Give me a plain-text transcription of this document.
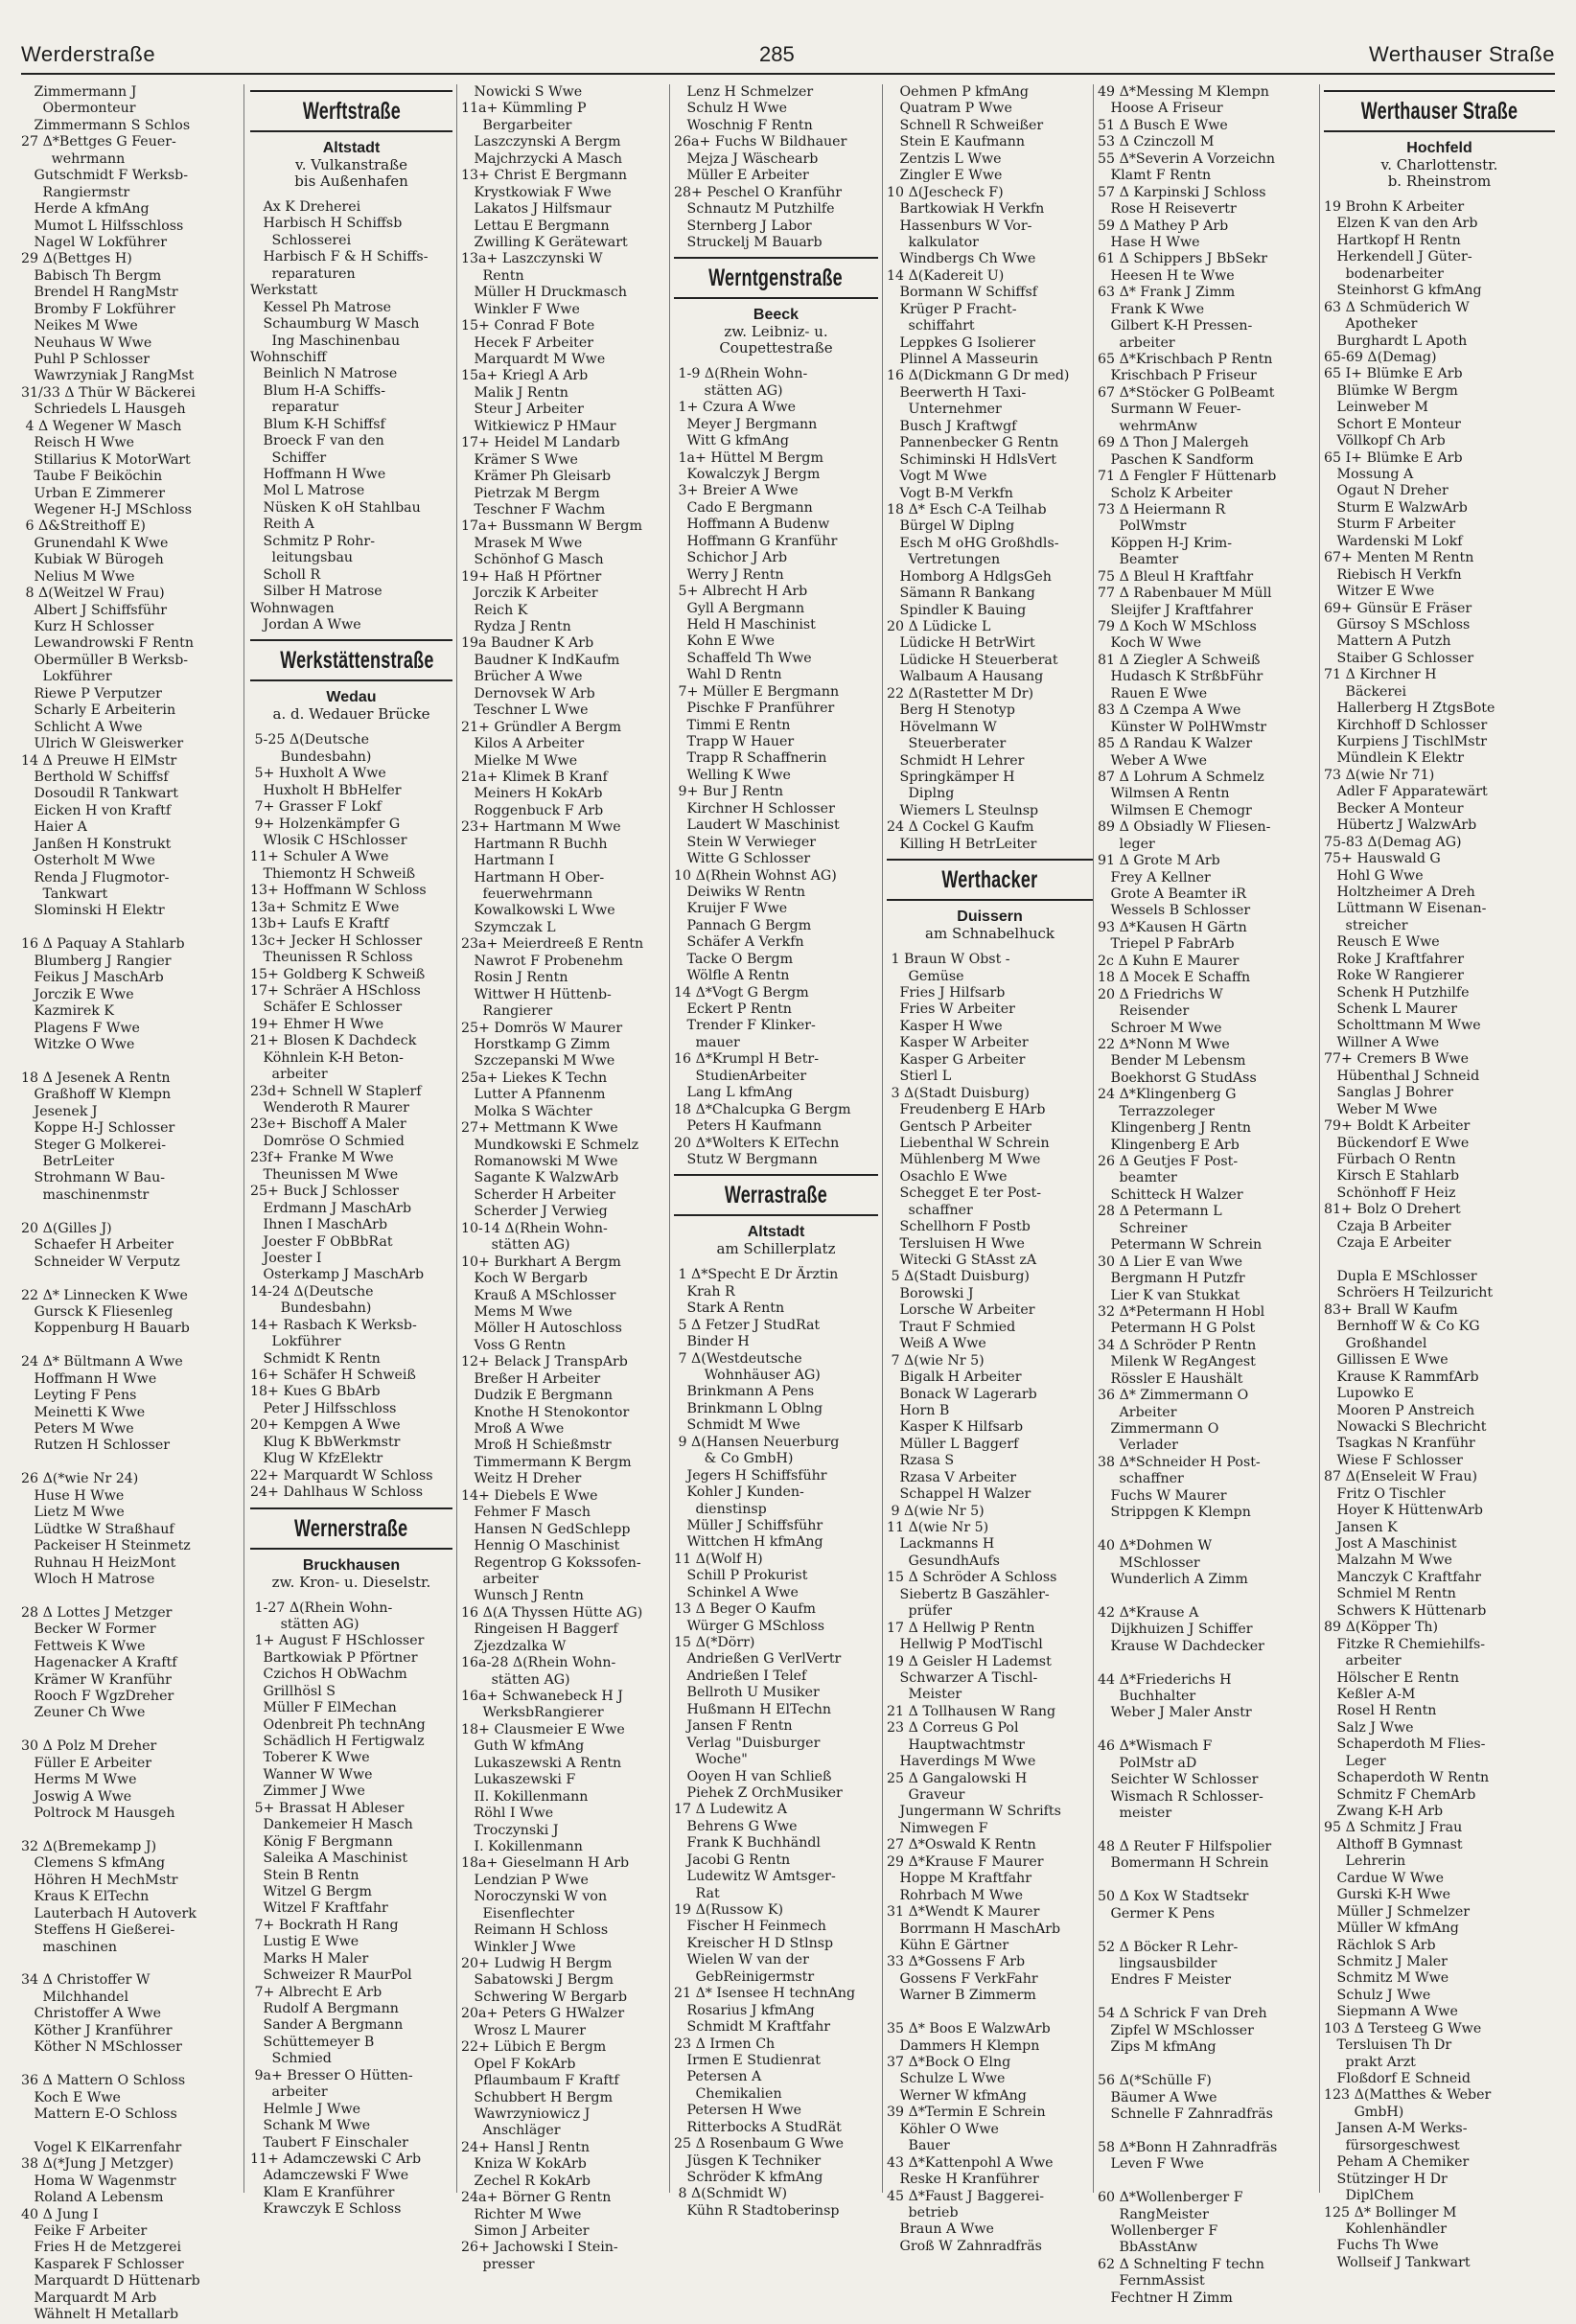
Werderstraße	285	Werthauser Straße
Zimmermann J
Obermonteur
Zimmermann S Schlos
27 Δ*Bettges G Feuer-
wehrmann
Gutschmidt F Werksb-
Rangiermstr
Herde A kfmAng
Mumot L Hilfsschloss
Nagel W Lokführer
29 Δ(Bettges H)
Babisch Th Bergm
Brendel H RangMstr
Bromby F Lokführer
Neikes M Wwe
Neuhaus W Wwe
Puhl P Schlosser
Wawrzyniak J RangMst
31/33 Δ Thür W Bäckerei
Schriedels L Hausgeh
4 Δ Wegener W Masch
Reisch H Wwe
Stillarius K MotorWart
Taube F Beiköchin
Urban E Zimmerer
Wegener H-J MSchloss
6 Δ&Streithoff E)
Grunendahl K Wwe
Kubiak W Bürogeh
Nelius M Wwe
8 Δ(Weitzel W Frau)
Albert J Schiffsführ
Kurz H Schlosser
Lewandrowski F Rentn
Obermüller B Werksb-
Lokführer
Riewe P Verputzer
Scharly E Arbeiterin
Schlicht A Wwe
Ulrich W Gleiswerker
14 Δ Preuwe H ElMstr
Berthold W Schiffsf
Dosoudil R Tankwart
Eicken H von Kraftf
Haier A
Janßen H Konstrukt
Osterholt M Wwe
Renda J Flugmotor-
Tankwart
Slominski H Elektr
16 Δ Paquay A Stahlarb
Blumberg J Rangier
Feikus J MaschArb
Jorczik E Wwe
Kazmirek K
Plagens F Wwe
Witzke O Wwe
18 Δ Jesenek A Rentn
Graßhoff W Klempn
Jesenek J
Koppe H-J Schlosser
Steger G Molkerei-
BetrLeiter
Strohmann W Bau-
maschinenmstr
20 Δ(Gilles J)
Schaefer H Arbeiter
Schneider W Verputz
22 Δ* Linnecken K Wwe
Gursck K Fliesenleg
Koppenburg H Bauarb
24 Δ* Bültmann A Wwe
Hoffmann H Wwe
Leyting F Pens
Meinetti K Wwe
Peters M Wwe
Rutzen H Schlosser
26 Δ(*wie Nr 24)
Huse H Wwe
Lietz M Wwe
Lüdtke W Straßhauf
Packeiser H Steinmetz
Ruhnau H HeizMont
Wloch H Matrose
28 Δ Lottes J Metzger
Becker W Former
Fettweis K Wwe
Hagenacker A Kraftf
Krämer W Kranführ
Rooch F WgzDreher
Zeuner Ch Wwe
30 Δ Polz M Dreher
Füller E Arbeiter
Herms M Wwe
Joswig A Wwe
Poltrock M Hausgeh
32 Δ(Bremekamp J)
Clemens S kfmAng
Höhren H MechMstr
Kraus K ElTechn
Lauterbach H Autoverk
Steffens H Gießerei-
maschinen
34 Δ Christoffer W
Milchhandel
Christoffer A Wwe
Köther J Kranführer
Köther N MSchlosser
36 Δ Mattern O Schloss
Koch E Wwe
Mattern E-O Schloss
Vogel K ElKarrenfahr
38 Δ(*Jung J Metzger)
Homa W Wagenmstr
Roland A Lebensm
40 Δ Jung I
Feike F Arbeiter
Fries H de Metzgerei
Kasparek F Schlosser
Marquardt D Hüttenarb
Marquardt M Arb
Wähnelt H Metallarb
Werftstraße
Altstadt
v. Vulkanstraße
bis Außenhafen
Ax K Dreherei
Harbisch H Schiffsb
Schlosserei
Harbisch F & H Schiffs-
reparaturen
Werkstatt
Kessel Ph Matrose
Schaumburg W Masch
Ing Maschinenbau
Wohnschiff
Beinlich N Matrose
Blum H-A Schiffs-
reparatur
Blum K-H Schiffsf
Broeck F van den
Schiffer
Hoffmann H Wwe
Mol L Matrose
Nüsken K oH Stahlbau
Reith A
Schmitz P Rohr-
leitungsbau
Scholl R
Silber H Matrose
Wohnwagen
Jordan A Wwe
Werkstättenstraße
Wedau
a. d. Wedauer Brücke
5-25 Δ(Deutsche
Bundesbahn)
5+ Huxholt A Wwe
Huxholt H BbHelfer
7+ Grasser F Lokf
9+ Holzenkämpfer G
Wlosik C HSchlosser
11+ Schuler A Wwe
Thiemontz H Schweiß
13+ Hoffmann W Schloss
13a+ Schmitz E Wwe
13b+ Laufs E Kraftf
13c+ Jecker H Schlosser
Theunissen R Schloss
15+ Goldberg K Schweiß
17+ Schräer A HSchloss
Schäfer E Schlosser
19+ Ehmer H Wwe
21+ Blosen K Dachdeck
Köhnlein K-H Beton-
arbeiter
23d+ Schnell W Staplerf
Wenderoth R Maurer
23e+ Bischoff A Maler
Domröse O Schmied
23f+ Franke M Wwe
Theunissen M Wwe
25+ Buck J Schlosser
Erdmann J MaschArb
Ihnen I MaschArb
Joester F ObBbRat
Joester I
Osterkamp J MaschArb
14-24 Δ(Deutsche
Bundesbahn)
14+ Rasbach K Werksb-
Lokführer
Schmidt K Rentn
16+ Schäfer H Schweiß
18+ Kues G BbArb
Peter J Hilfsschloss
20+ Kempgen A Wwe
Klug K BbWerkmstr
Klug W KfzElektr
22+ Marquardt W Schloss
24+ Dahlhaus W Schloss
Wernerstraße
Bruckhausen
zw. Kron- u. Dieselstr.
1-27 Δ(Rhein Wohn-
stätten AG)
1+ August F HSchlosser
Bartkowiak P Pförtner
Czichos H ObWachm
Grillhösl S
Müller F ElMechan
Odenbreit Ph technAng
Schädlich H Fertigwalz
Toberer K Wwe
Wanner W Wwe
Zimmer J Wwe
5+ Brassat H Ableser
Dankemeier H Masch
König F Bergmann
Saleika A Maschinist
Stein B Rentn
Witzel G Bergm
Witzel F Kraftfahr
7+ Bockrath H Rang
Lustig E Wwe
Marks H Maler
Schweizer R MaurPol
7+ Albrecht E Arb
Rudolf A Bergmann
Sander A Bergmann
Schüttemeyer B
Schmied
9a+ Bresser O Hütten-
arbeiter
Helmle J Wwe
Schank M Wwe
Taubert F Einschaler
11+ Adamczewski C Arb
Adamczewski F Wwe
Klam E Kranführer
Krawczyk E Schloss
Nowicki S Wwe
11a+ Kümmling P
Bergarbeiter
Laszczynski A Bergm
Majchrzycki A Masch
13+ Christ E Bergmann
Krystkowiak F Wwe
Lakatos J Hilfsmaur
Lettau E Bergmann
Zwilling K Gerätewart
13a+ Laszczynski W
Rentn
Müller H Druckmasch
Winkler F Wwe
15+ Conrad F Bote
Hecek F Arbeiter
Marquardt M Wwe
15a+ Kriegl A Arb
Malik J Rentn
Steur J Arbeiter
Witkiewicz P HMaur
17+ Heidel M Landarb
Krämer S Wwe
Krämer Ph Gleisarb
Pietrzak M Bergm
Teschner F Wachm
17a+ Bussmann W Bergm
Mrasek M Wwe
Schönhof G Masch
19+ Haß H Pförtner
Jorczik K Arbeiter
Reich K
Rydza J Rentn
19a Baudner K Arb
Baudner K IndKaufm
Brücher A Wwe
Dernovsek W Arb
Teschner L Wwe
21+ Gründler A Bergm
Kilos A Arbeiter
Mielke M Wwe
21a+ Klimek B Kranf
Meiners H KokArb
Roggenbuck F Arb
23+ Hartmann M Wwe
Hartmann R Buchh
Hartmann I
Hartmann H Ober-
feuerwehrmann
Kowalkowski L Wwe
Szymczak L
23a+ Meierdreeß E Rentn
Nawrot F Probenehm
Rosin J Rentn
Wittwer H Hüttenb-
Rangierer
25+ Domrös W Maurer
Horstkamp G Zimm
Szczepanski M Wwe
25a+ Liekes K Techn
Lutter A Pfannenm
Molka S Wächter
27+ Mettmann K Wwe
Mundkowski E Schmelz
Romanowski M Wwe
Sagante K WalzwArb
Scherder H Arbeiter
Scherder J Verwieg
10-14 Δ(Rhein Wohn-
stätten AG)
10+ Burkhart A Bergm
Koch W Bergarb
Krauß A MSchlosser
Mems M Wwe
Möller H Autoschloss
Voss G Rentn
12+ Belack J TranspArb
Breßer H Arbeiter
Dudzik E Bergmann
Knothe H Stenokontor
Mroß A Wwe
Mroß H Schießmstr
Timmermann K Bergm
Weitz H Dreher
14+ Diebels E Wwe
Fehmer F Masch
Hansen N GedSchlepp
Hennig O Maschinist
Regentrop G Kokssofen-
arbeiter
Wunsch J Rentn
16 Δ(A Thyssen Hütte AG)
Ringeisen H Baggerf
Zjezdzalka W
16a-28 Δ(Rhein Wohn-
stätten AG)
16a+ Schwanebeck H J
WerksbRangierer
18+ Clausmeier E Wwe
Guth W kfmAng
Lukaszewski A Rentn
Lukaszewski F
II. Kokillenmann
Röhl I Wwe
Troczynski J
I. Kokillenmann
18a+ Gieselmann H Arb
Lendzian P Wwe
Noroczynski W von
Eisenflechter
Reimann H Schloss
Winkler J Wwe
20+ Ludwig H Bergm
Sabatowski J Bergm
Schwering W Bergarb
20a+ Peters G HWalzer
Wrosz L Maurer
22+ Lübich E Bergm
Opel F KokArb
Pflaumbaum F Kraftf
Schubbert H Bergm
Wawrzyniowicz J
Anschläger
24+ Hansl J Rentn
Kniza W KokArb
Zechel R KokArb
24a+ Börner G Rentn
Richter M Wwe
Simon J Arbeiter
26+ Jachowski I Stein-
presser
Lenz H Schmelzer
Schulz H Wwe
Woschnig F Rentn
26a+ Fuchs W Bildhauer
Mejza J Wäschearb
Müller E Arbeiter
28+ Peschel O Kranführ
Schnautz M Putzhilfe
Sternberg J Labor
Struckelj M Bauarb
Werntgenstraße
Beeck
zw. Leibniz- u.
Coupettestraße
1-9 Δ(Rhein Wohn-
stätten AG)
1+ Czura A Wwe
Meyer J Bergmann
Witt G kfmAng
1a+ Hüttel M Bergm
Kowalczyk J Bergm
3+ Breier A Wwe
Cado E Bergmann
Hoffmann A Budenw
Hoffmann G Kranführ
Schichor J Arb
Werry J Rentn
5+ Albrecht H Arb
Gyll A Bergmann
Held H Maschinist
Kohn E Wwe
Schaffeld Th Wwe
Wahl D Rentn
7+ Müller E Bergmann
Pischke F Pranführer
Timmi E Rentn
Trapp W Hauer
Trapp R Schaffnerin
Welling K Wwe
9+ Bur J Rentn
Kirchner H Schlosser
Laudert W Maschinist
Stein W Verwieger
Witte G Schlosser
10 Δ(Rhein Wohnst AG)
Deiwiks W Rentn
Kruijer F Wwe
Pannach G Bergm
Schäfer A Verkfn
Tacke O Bergm
Wölfle A Rentn
14 Δ*Vogt G Bergm
Eckert P Rentn
Trender F Klinker-
mauer
16 Δ*Krumpl H Betr-
StudienArbeiter
Lang L kfmAng
18 Δ*Chalcupka G Bergm
Peters H Kaufmann
20 Δ*Wolters K ElTechn
Stutz W Bergmann
Werrastraße
Altstadt
am Schillerplatz
1 Δ*Specht E Dr Ärztin
Krah R
Stark A Rentn
5 Δ Fetzer J StudRat
Binder H
7 Δ(Westdeutsche
Wohnhäuser AG)
Brinkmann A Pens
Brinkmann L Oblng
Schmidt M Wwe
9 Δ(Hansen Neuerburg
& Co GmbH)
Jegers H Schiffsführ
Kohler J Kunden-
dienstinsp
Müller J Schiffsführ
Wittchen H kfmAng
11 Δ(Wolf H)
Schill P Prokurist
Schinkel A Wwe
13 Δ Beger O Kaufm
Würger G MSchloss
15 Δ(*Dörr)
Andrießen G VerlVertr
Andrießen I Telef
Bellroth U Musiker
Hußmann H ElTechn
Jansen F Rentn
Verlag "Duisburger
Woche"
Ooyen H van Schließ
Piehek Z OrchMusiker
17 Δ Ludewitz A
Behrens G Wwe
Frank K Buchhändl
Jacobi G Rentn
Ludewitz W Amtsger-
Rat
19 Δ(Russow K)
Fischer H Feinmech
Kreischer H D Stlnsp
Wielen W van der
GebReinigermstr
21 Δ* Isensee H technAng
Rosarius J kfmAng
Schmidt M Kraftfahr
23 Δ Irmen Ch
Irmen E Studienrat
Petersen A
Chemikalien
Petersen H Wwe
Ritterbocks A StudRät
25 Δ Rosenbaum G Wwe
Jüsgen K Techniker
Schröder K kfmAng
8 Δ(Schmidt W)
Kühn R Stadtoberinsp
Oehmen P kfmAng
Quatram P Wwe
Schnell R Schweißer
Stein E Kaufmann
Zentzis L Wwe
Zingler E Wwe
10 Δ(Jescheck F)
Bartkowiak H Verkfn
Hassenburs W Vor-
kalkulator
Windbergs Ch Wwe
14 Δ(Kadereit U)
Bormann W Schiffsf
Krüger P Fracht-
schiffahrt
Leppkes G Isolierer
Plinnel A Masseurin
16 Δ(Dickmann G Dr med)
Beerwerth H Taxi-
Unternehmer
Busch J Kraftwgf
Pannenbecker G Rentn
Schiminski H HdlsVert
Vogt M Wwe
Vogt B-M Verkfn
18 Δ* Esch C-A Teilhab
Bürgel W Diplng
Esch M oHG Großhdls-
Vertretungen
Homborg A HdlgsGeh
Sämann R Bankang
Spindler K Bauing
20 Δ Lüdicke L
Lüdicke H BetrWirt
Lüdicke H Steuerberat
Walbaum A Hausang
22 Δ(Rastetter M Dr)
Berg H Stenotyp
Hövelmann W
Steuerberater
Schmidt H Lehrer
Springkämper H
Diplng
Wiemers L Steulnsp
24 Δ Cockel G Kaufm
Killing H BetrLeiter
Werthacker
Duissern
am Schnabelhuck
1 Braun W Obst -
Gemüse
Fries J Hilfsarb
Fries W Arbeiter
Kasper H Wwe
Kasper W Arbeiter
Kasper G Arbeiter
Stierl L
3 Δ(Stadt Duisburg)
Freudenberg E HArb
Gentsch P Arbeiter
Liebenthal W Schrein
Mühlenberg M Wwe
Osachlo E Wwe
Schegget E ter Post-
schaffner
Schellhorn F Postb
Tersluisen H Wwe
Witecki G StAsst zA
5 Δ(Stadt Duisburg)
Borowski J
Lorsche W Arbeiter
Traut F Schmied
Weiß A Wwe
7 Δ(wie Nr 5)
Bigalk H Arbeiter
Bonack W Lagerarb
Horn B
Kasper K Hilfsarb
Müller L Baggerf
Rzasa S
Rzasa V Arbeiter
Schappel H Walzer
9 Δ(wie Nr 5)
11 Δ(wie Nr 5)
Lackmanns H
GesundhAufs
15 Δ Schröder A Schloss
Siebertz B Gaszähler-
prüfer
17 Δ Hellwig P Rentn
Hellwig P ModTischl
19 Δ Geisler H Lademst
Schwarzer A Tischl-
Meister
21 Δ Tollhausen W Rang
23 Δ Correus G Pol
Hauptwachtmstr
Haverdings M Wwe
25 Δ Gangalowski H
Graveur
Jungermann W Schrifts
Nimwegen F
27 Δ*Oswald K Rentn
29 Δ*Krause F Maurer
Hoppe M Kraftfahr
Rohrbach M Wwe
31 Δ*Wendt K Maurer
Borrmann H MaschArb
Kühn E Gärtner
33 Δ*Gossens F Arb
Gossens F VerkFahr
Warner B Zimmerm
35 Δ* Boos E WalzwArb
Dammers H Klempn
37 Δ*Bock O Elng
Schulze L Wwe
Werner W kfmAng
39 Δ*Termin E Schrein
Köhler O Wwe
Bauer
43 Δ*Kattenpohl A Wwe
Reske H Kranführer
45 Δ*Faust J Baggerei-
betrieb
Braun A Wwe
Groß W Zahnradfräs
49 Δ*Messing M Klempn
Hoose A Friseur
51 Δ Busch E Wwe
53 Δ Czinczoll M
55 Δ*Severin A Vorzeichn
Klamt F Rentn
57 Δ Karpinski J Schloss
Rose H Reisevertr
59 Δ Mathey P Arb
Hase H Wwe
61 Δ Schippers J BbSekr
Heesen H te Wwe
63 Δ* Frank J Zimm
Frank K Wwe
Gilbert K-H Pressen-
arbeiter
65 Δ*Krischbach P Rentn
Krischbach P Friseur
67 Δ*Stöcker G PolBeamt
Surmann W Feuer-
wehrmAnw
69 Δ Thon J Malergeh
Paschen K Sandform
71 Δ Fengler F Hüttenarb
Scholz K Arbeiter
73 Δ Heiermann R
PolWmstr
Köppen H-J Krim-
Beamter
75 Δ Bleul H Kraftfahr
77 Δ Rabenbauer M Müll
Sleijfer J Kraftfahrer
79 Δ Koch W MSchloss
Koch W Wwe
81 Δ Ziegler A Schweiß
Hudasch K StrßbFühr
Rauen E Wwe
83 Δ Czempa A Wwe
Künster W PolHWmstr
85 Δ Randau K Walzer
Weber A Wwe
87 Δ Lohrum A Schmelz
Wilmsen A Rentn
Wilmsen E Chemogr
89 Δ Obsiadly W Fliesen-
leger
91 Δ Grote M Arb
Frey A Kellner
Grote A Beamter iR
Wessels B Schlosser
93 Δ*Kausen H Gärtn
Triepel P FabrArb
2c Δ Kuhn E Maurer
18 Δ Mocek E Schaffn
20 Δ Friedrichs W
Reisender
Schroer M Wwe
22 Δ*Nonn M Wwe
Bender M Lebensm
Boekhorst G StudAss
24 Δ*Klingenberg G
Terrazzoleger
Klingenberg J Rentn
Klingenberg E Arb
26 Δ Geutjes F Post-
beamter
Schitteck H Walzer
28 Δ Petermann L
Schreiner
Petermann W Schrein
30 Δ Lier E van Wwe
Bergmann H Putzfr
Lier K van Stukkat
32 Δ*Petermann H Hobl
Petermann H G Polst
34 Δ Schröder P Rentn
Milenk W RegAngest
Rössler E Haushält
36 Δ* Zimmermann O
Arbeiter
Zimmermann O
Verlader
38 Δ*Schneider H Post-
schaffner
Fuchs W Maurer
Strippgen K Klempn
40 Δ*Dohmen W
MSchlosser
Wunderlich A Zimm
42 Δ*Krause A
Dijkhuizen J Schiffer
Krause W Dachdecker
44 Δ*Friederichs H
Buchhalter
Weber J Maler Anstr
46 Δ*Wismach F
PolMstr aD
Seichter W Schlosser
Wismach R Schlosser-
meister
48 Δ Reuter F Hilfspolier
Bomermann H Schrein
50 Δ Kox W Stadtsekr
Germer K Pens
52 Δ Böcker R Lehr-
lingsausbilder
Endres F Meister
54 Δ Schrick F van Dreh
Zipfel W MSchlosser
Zips M kfmAng
56 Δ(*Schülle F)
Bäumer A Wwe
Schnelle F Zahnradfräs
58 Δ*Bonn H Zahnradfräs
Leven F Wwe
60 Δ*Wollenberger F
RangMeister
Wollenberger F
BbAsstAnw
62 Δ Schnelting F techn
FernmAssist
Fechtner H Zimm
Werthauser Straße
Hochfeld
v. Charlottenstr.
b. Rheinstrom
19 Brohn K Arbeiter
Elzen K van den Arb
Hartkopf H Rentn
Herkendell J Güter-
bodenarbeiter
Steinhorst G kfmAng
63 Δ Schmüderich W
Apotheker
Burghardt L Apoth
65-69 Δ(Demag)
65 I+ Blümke E Arb
Blümke W Bergm
Leinweber M
Schort E Monteur
Völlkopf Ch Arb
65 I+ Blümke E Arb
Mossung A
Ogaut N Dreher
Sturm E WalzwArb
Sturm F Arbeiter
Wardenski M Lokf
67+ Menten M Rentn
Riebisch H Verkfn
Witzer E Wwe
69+ Günsür E Fräser
Gürsoy S MSchloss
Mattern A Putzh
Staiber G Schlosser
71 Δ Kirchner H
Bäckerei
Hallerberg H ZtgsBote
Kirchhoff D Schlosser
Kurpiens J TischlMstr
Mündlein K Elektr
73 Δ(wie Nr 71)
Adler F Apparatewärt
Becker A Monteur
Hübertz J WalzwArb
75-83 Δ(Demag AG)
75+ Hauswald G
Hohl G Wwe
Holtzheimer A Dreh
Lüttmann W Eisenan-
streicher
Reusch E Wwe
Roke J Kraftfahrer
Roke W Rangierer
Schenk H Putzhilfe
Schenk L Maurer
Scholttmann M Wwe
Willner A Wwe
77+ Cremers B Wwe
Hübenthal J Schneid
Sanglas J Bohrer
Weber M Wwe
79+ Boldt K Arbeiter
Bückendorf E Wwe
Fürbach O Rentn
Kirsch E Stahlarb
Schönhoff F Heiz
81+ Bolz O Drehert
Czaja B Arbeiter
Czaja E Arbeiter
Dupla E MSchlosser
Schröers H Teilzuricht
83+ Brall W Kaufm
Bernhoff W & Co KG
Großhandel
Gillissen E Wwe
Krause K RammfArb
Lupowko E
Mooren P Anstreich
Nowacki S Blechricht
Tsagkas N Kranführ
Wiese F Schlosser
87 Δ(Enseleit W Frau)
Fritz O Tischler
Hoyer K HüttenwArb
Jansen K
Jost A Maschinist
Malzahn M Wwe
Manczyk C Kraftfahr
Schmiel M Rentn
Schwers K Hüttenarb
89 Δ(Köpper Th)
Fitzke R Chemiehilfs-
arbeiter
Hölscher E Rentn
Keßler A-M
Rosel H Rentn
Salz J Wwe
Schaperdoth M Flies-
Leger
Schaperdoth W Rentn
Schmitz F ChemArb
Zwang K-H Arb
95 Δ Schmitz J Frau
Althoff B Gymnast
Lehrerin
Cardue W Wwe
Gurski K-H Wwe
Müller J Schmelzer
Müller W kfmAng
Rächlok S Arb
Schmitz J Maler
Schmitz M Wwe
Schulz J Wwe
Siepmann A Wwe
103 Δ Tersteeg G Wwe
Tersluisen Th Dr
prakt Arzt
Floßdorf E Schneid
123 Δ(Matthes & Weber
GmbH)
Jansen A-M Werks-
fürsorgeschwest
Peham A Chemiker
Stützinger H Dr
DiplChem
125 Δ* Bollinger M
Kohlenhändler
Fuchs Th Wwe
Wollseif J Tankwart
